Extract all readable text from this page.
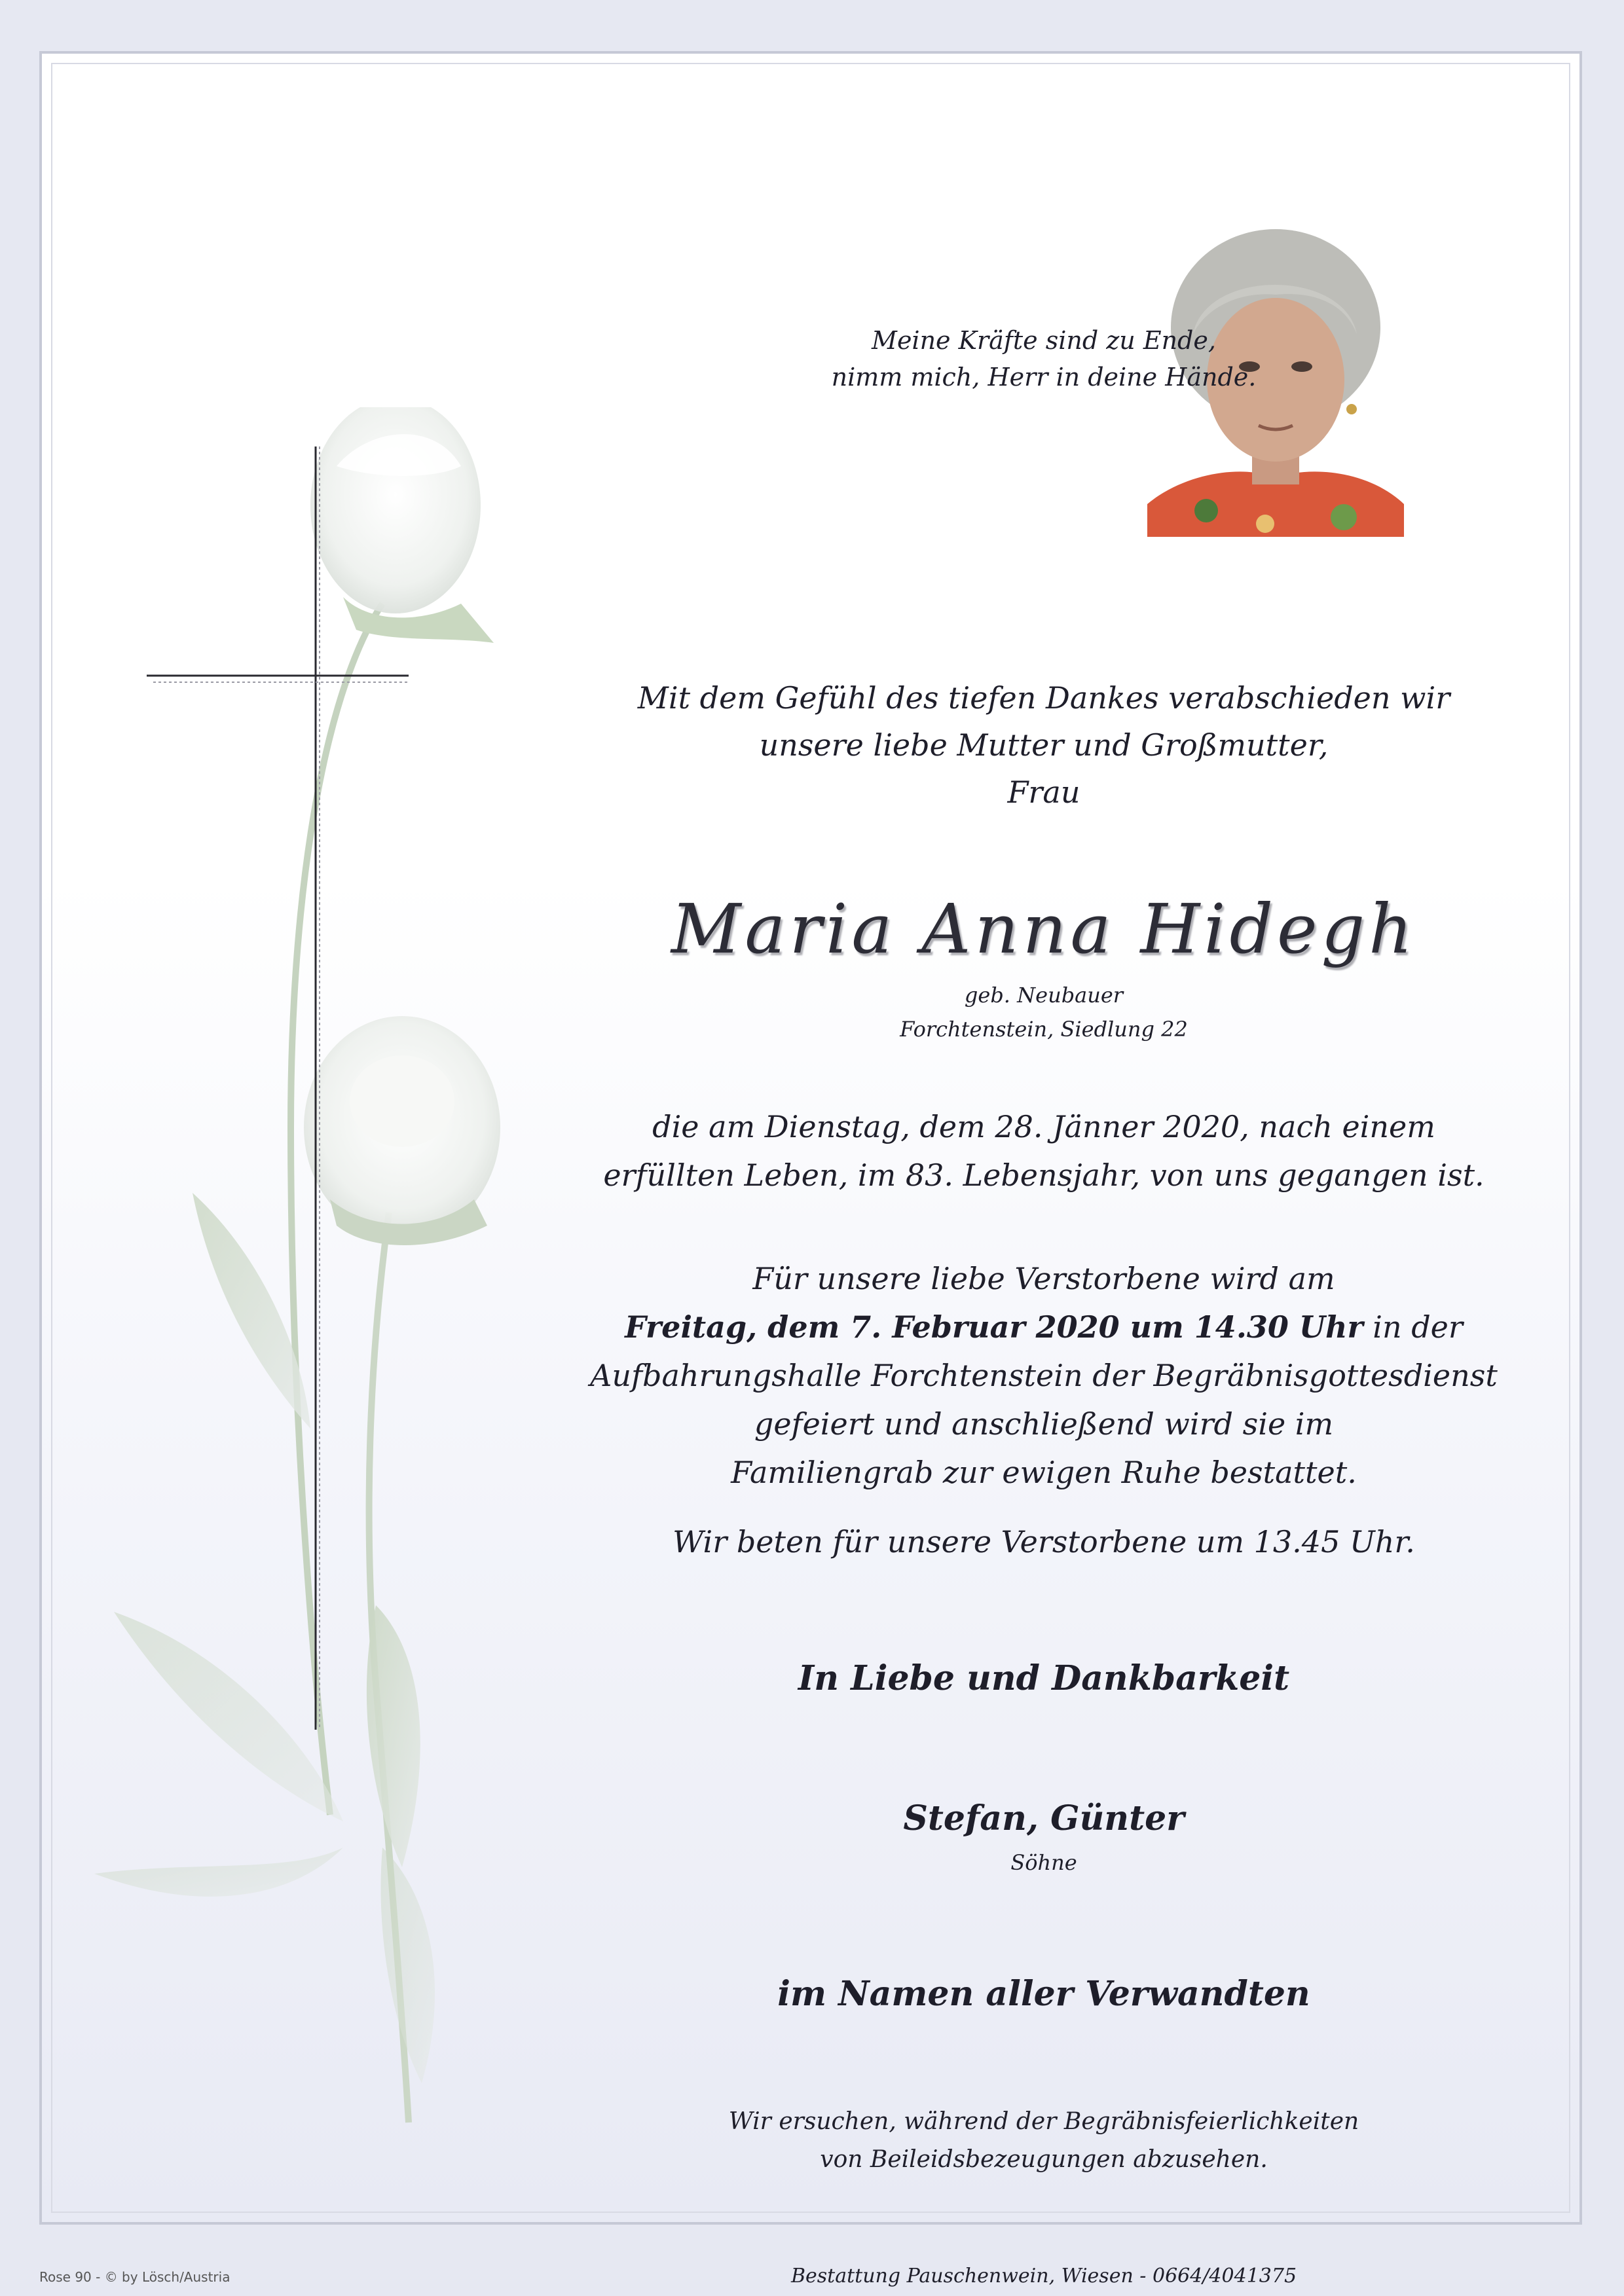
Meine Kräfte sind zu Ende,

nimm mich, Herr in deine Hände.

Mit dem Gefühl des tiefen Dankes verabschieden wir

unsere liebe Mutter und Großmutter,

Frau

Maria Anna Hidegh

geb. Neubauer

Forchtenstein, Siedlung 22

die am Dienstag, dem 28. Jänner 2020, nach einem

erfüllten Leben, im 83. Lebensjahr, von uns gegangen ist.

Für unsere liebe Verstorbene wird am

Freitag, dem 7. Februar 2020 um 14.30 Uhr in der

Aufbahrungshalle Forchtenstein der Begräbnisgottesdienst

gefeiert und anschließend wird sie im

Familiengrab zur ewigen Ruhe bestattet.

Wir beten für unsere Verstorbene um 13.45 Uhr.
In Liebe und Dankbarkeit
Stefan, Günter
Söhne
im Namen aller Verwandten

Wir ersuchen, während der Begräbnisfeierlichkeiten

von Beileidsbezeugungen abzusehen.

Bestattung Pauschenwein, Wiesen - 0664/4041375
Rose 90 - © by Lösch/Austria
